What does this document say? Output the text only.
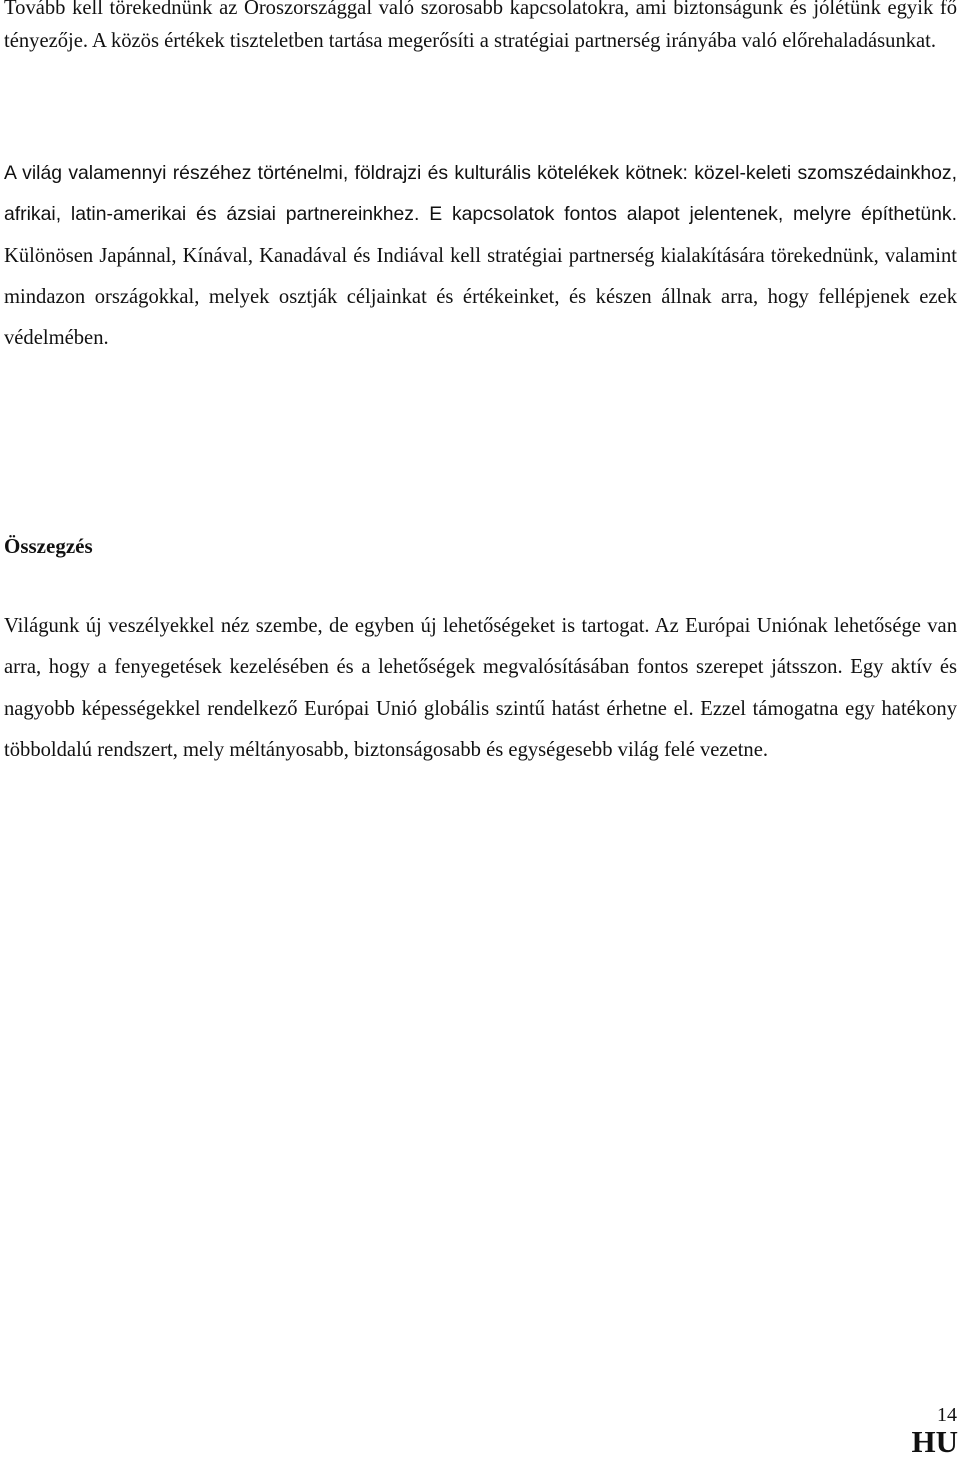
Tovább kell törekednünk az Oroszországgal való szorosabb kapcsolatokra, ami biztonságunk és jólétünk egyik fő tényezője. A közös értékek tiszteletben tartása megerősíti a stratégiai partnerség irányába való előrehaladásunkat.

A világ valamennyi részéhez történelmi, földrajzi és kulturális kötelékek kötnek: közel-keleti szomszédainkhoz, afrikai, latin-amerikai és ázsiai partnereinkhez. E kapcsolatok fontos alapot jelentenek, melyre építhetünk. Különösen Japánnal, Kínával, Kanadával és Indiával kell stratégiai partnerség kialakítására törekednünk, valamint mindazon országokkal, melyek osztják céljainkat és értékeinket, és készen állnak arra, hogy fellépjenek ezek védelmében.

Összegzés

Világunk új veszélyekkel néz szembe, de egyben új lehetőségeket is tartogat. Az Európai Uniónak lehetősége van arra, hogy a fenyegetések kezelésében és a lehetőségek megvalósításában fontos szerepet játsszon. Egy aktív és nagyobb képességekkel rendelkező Európai Unió globális szintű hatást érhetne el. Ezzel támogatna egy hatékony többoldalú rendszert, mely méltányosabb, biztonságosabb és egységesebb világ felé vezetne.

14
HU
